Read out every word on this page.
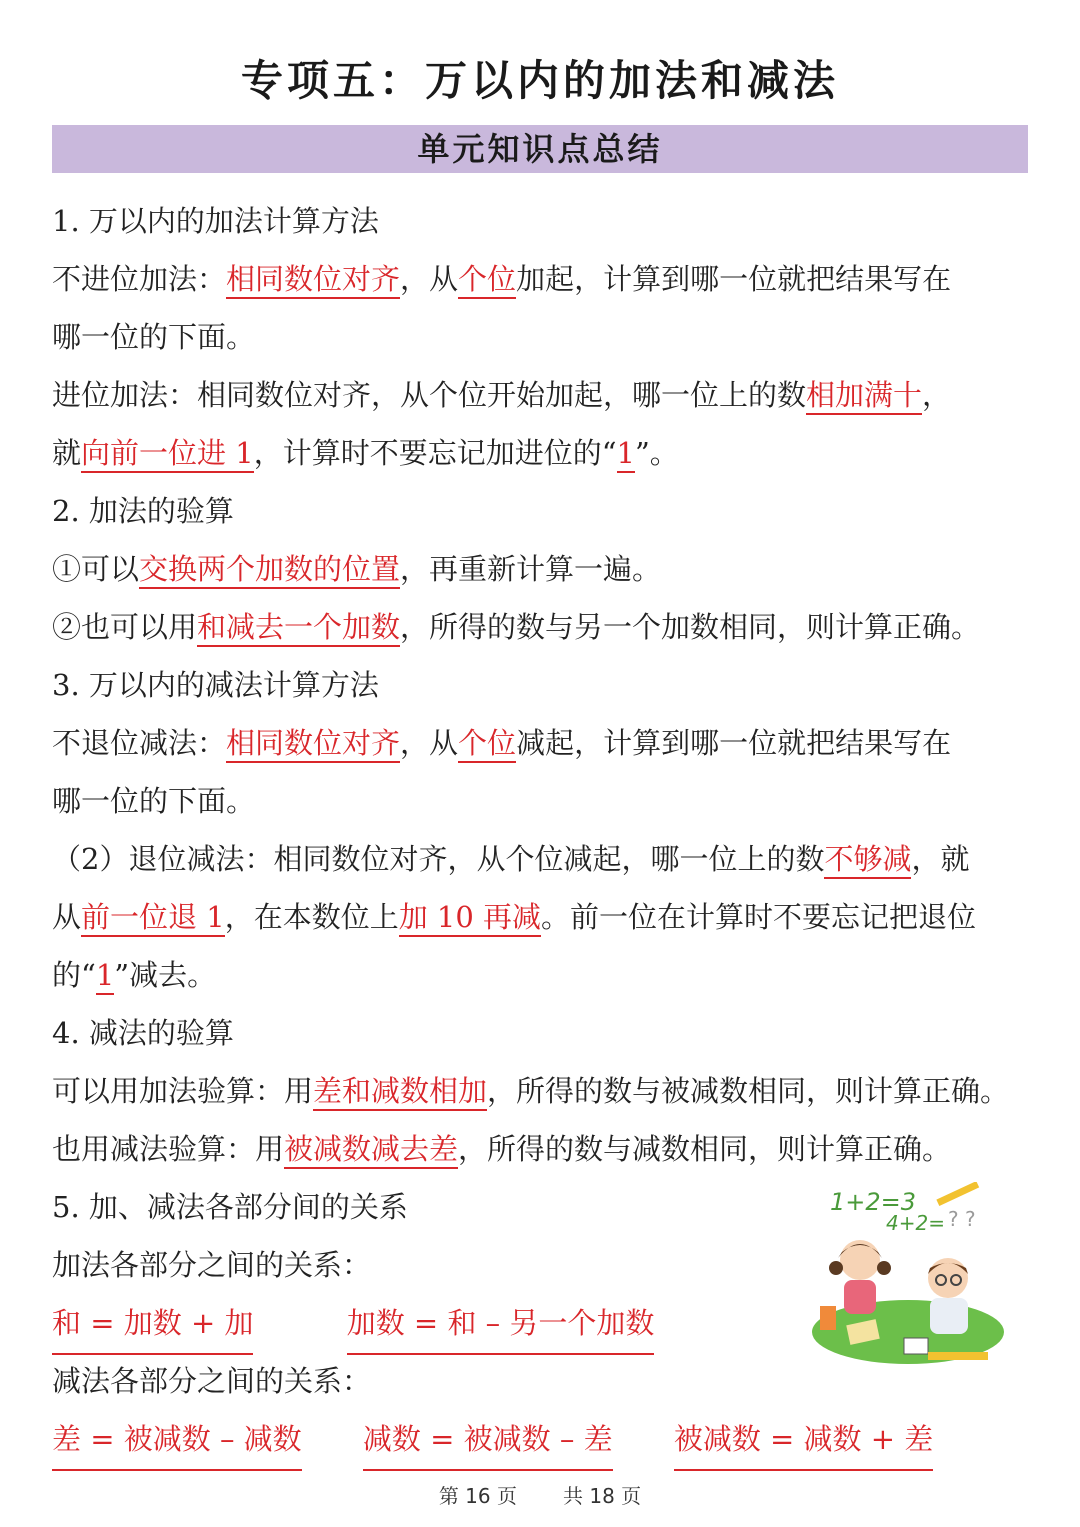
专项五：万以内的加法和减法
单元知识点总结
1. 万以内的加法计算方法
不进位加法：相同数位对齐，从个位加起，计算到哪一位就把结果写在
哪一位的下面。
进位加法：相同数位对齐，从个位开始加起，哪一位上的数相加满十，
就向前一位进 1，计算时不要忘记加进位的“1”。
2. 加法的验算
①可以交换两个加数的位置，再重新计算一遍。
②也可以用和减去一个加数，所得的数与另一个加数相同，则计算正确。
3. 万以内的减法计算方法
不退位减法：相同数位对齐，从个位减起，计算到哪一位就把结果写在
哪一位的下面。
（2）退位减法：相同数位对齐，从个位减起，哪一位上的数不够减，就
从前一位退 1，在本数位上加 10 再减。前一位在计算时不要忘记把退位
的“1”减去。
4. 减法的验算
可以用加法验算：用差和减数相加，所得的数与被减数相同，则计算正确。
也用减法验算：用被减数减去差，所得的数与减数相同，则计算正确。
5. 加、减法各部分间的关系
加法各部分之间的关系：
和 = 加数 + 加	加数 = 和 – 另一个加数
减法各部分之间的关系：
差 = 被减数 – 减数 减数 = 被减数 – 差 被减数 = 减数 + 差
1+2=3
4+2= ? ?
第 16 页 共 18 页
